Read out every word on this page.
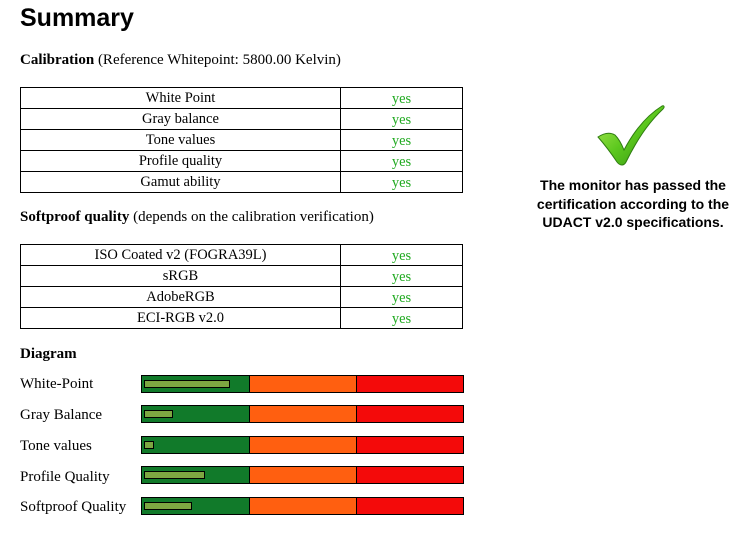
Summary
Calibration (Reference Whitepoint: 5800.00 Kelvin)
White Point	yes
Gray balance	yes
Tone values	yes
Profile quality	yes
Gamut ability	yes
Softproof quality (depends on the calibration verification)
ISO Coated v2 (FOGRA39L)	yes
sRGB	yes
AdobeRGB	yes
ECI-RGB v2.0	yes
Diagram
White-Point
Gray Balance
Tone values
Profile Quality
Softproof Quality
The monitor has passed the certification according to the UDACT v2.0 specifications.
